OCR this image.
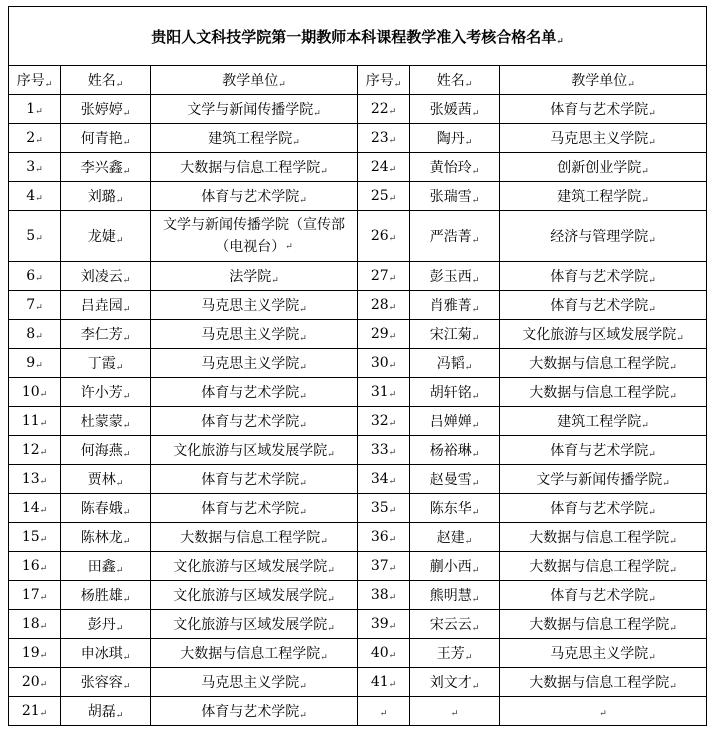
贵阳人文科技学院第一期教师本科课程教学准入考核合格名单↵					
序号↵	姓名↵	教学单位↵	序号↵	姓名↵	教学单位↵
1↵	张婷婷↵	文学与新闻传播学院↵	22↵	张媛茜↵	体育与艺术学院↵
2↵	何青艳↵	建筑工程学院↵	23↵	陶丹↵	马克思主义学院↵
3↵	李兴鑫↵	大数据与信息工程学院↵	24↵	黄怡玲↵	创新创业学院↵
4↵	刘璐↵	体育与艺术学院↵	25↵	张瑞雪↵	建筑工程学院↵
5↵	龙婕↵	文学与新闻传播学院（宣传部（电视台）↵	26↵	严浩菁↵	经济与管理学院↵
6↵	刘凌云↵	法学院↵	27↵	彭玉西↵	体育与艺术学院↵
7↵	吕垚园↵	马克思主义学院↵	28↵	肖雅菁↵	体育与艺术学院↵
8↵	李仁芳↵	马克思主义学院↵	29↵	宋江菊↵	文化旅游与区域发展学院↵
9↵	丁霞↵	马克思主义学院↵	30↵	冯韬↵	大数据与信息工程学院↵
10↵	许小芳↵	体育与艺术学院↵	31↵	胡轩铭↵	大数据与信息工程学院↵
11↵	杜蒙蒙↵	体育与艺术学院↵	32↵	吕婵婵↵	建筑工程学院↵
12↵	何海燕↵	文化旅游与区域发展学院↵	33↵	杨裕琳↵	体育与艺术学院↵
13↵	贾林↵	体育与艺术学院↵	34↵	赵曼雪↵	文学与新闻传播学院↵
14↵	陈春娥↵	体育与艺术学院↵	35↵	陈东华↵	体育与艺术学院↵
15↵	陈林龙↵	大数据与信息工程学院↵	36↵	赵建↵	大数据与信息工程学院↵
16↵	田鑫↵	文化旅游与区域发展学院↵	37↵	蒯小西↵	大数据与信息工程学院↵
17↵	杨胜雄↵	文化旅游与区域发展学院↵	38↵	熊明慧↵	体育与艺术学院↵
18↵	彭丹↵	文化旅游与区域发展学院↵	39↵	宋云云↵	大数据与信息工程学院↵
19↵	申冰琪↵	大数据与信息工程学院↵	40↵	王芳↵	马克思主义学院↵
20↵	张容容↵	马克思主义学院↵	41↵	刘文才↵	大数据与信息工程学院↵
21↵	胡磊↵	体育与艺术学院↵	↵	↵	↵
